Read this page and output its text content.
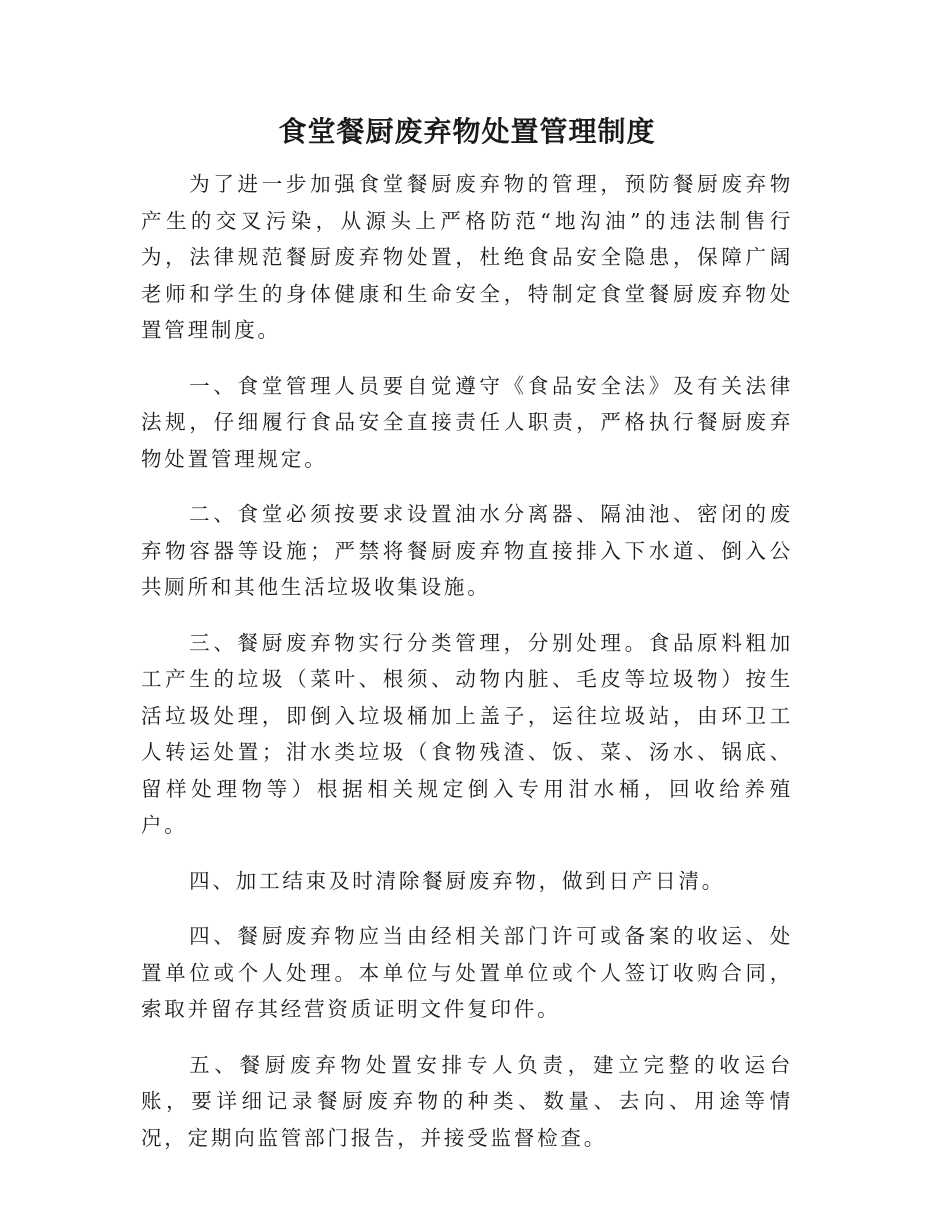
食堂餐厨废弃物处置管理制度

为了进一步加强食堂餐厨废弃物的管理，预防餐厨废弃物产生的交叉污染，从源头上严格防范“地沟油”的违法制售行为，法律规范餐厨废弃物处置，杜绝食品安全隐患，保障广阔老师和学生的身体健康和生命安全，特制定食堂餐厨废弃物处置管理制度。

一、食堂管理人员要自觉遵守《食品安全法》及有关法律法规，仔细履行食品安全直接责任人职责，严格执行餐厨废弃物处置管理规定。

二、食堂必须按要求设置油水分离器、隔油池、密闭的废弃物容器等设施；严禁将餐厨废弃物直接排入下水道、倒入公共厕所和其他生活垃圾收集设施。

三、餐厨废弃物实行分类管理，分别处理。食品原料粗加工产生的垃圾（菜叶、根须、动物内脏、毛皮等垃圾物）按生活垃圾处理，即倒入垃圾桶加上盖子，运往垃圾站，由环卫工人转运处置；泔水类垃圾（食物残渣、饭、菜、汤水、锅底、留样处理物等）根据相关规定倒入专用泔水桶，回收给养殖户。

四、加工结束及时清除餐厨废弃物，做到日产日清。

四、餐厨废弃物应当由经相关部门许可或备案的收运、处置单位或个人处理。本单位与处置单位或个人签订收购合同，索取并留存其经营资质证明文件复印件。

五、餐厨废弃物处置安排专人负责，建立完整的收运台账，要详细记录餐厨废弃物的种类、数量、去向、用途等情况，定期向监管部门报告，并接受监督检查。
